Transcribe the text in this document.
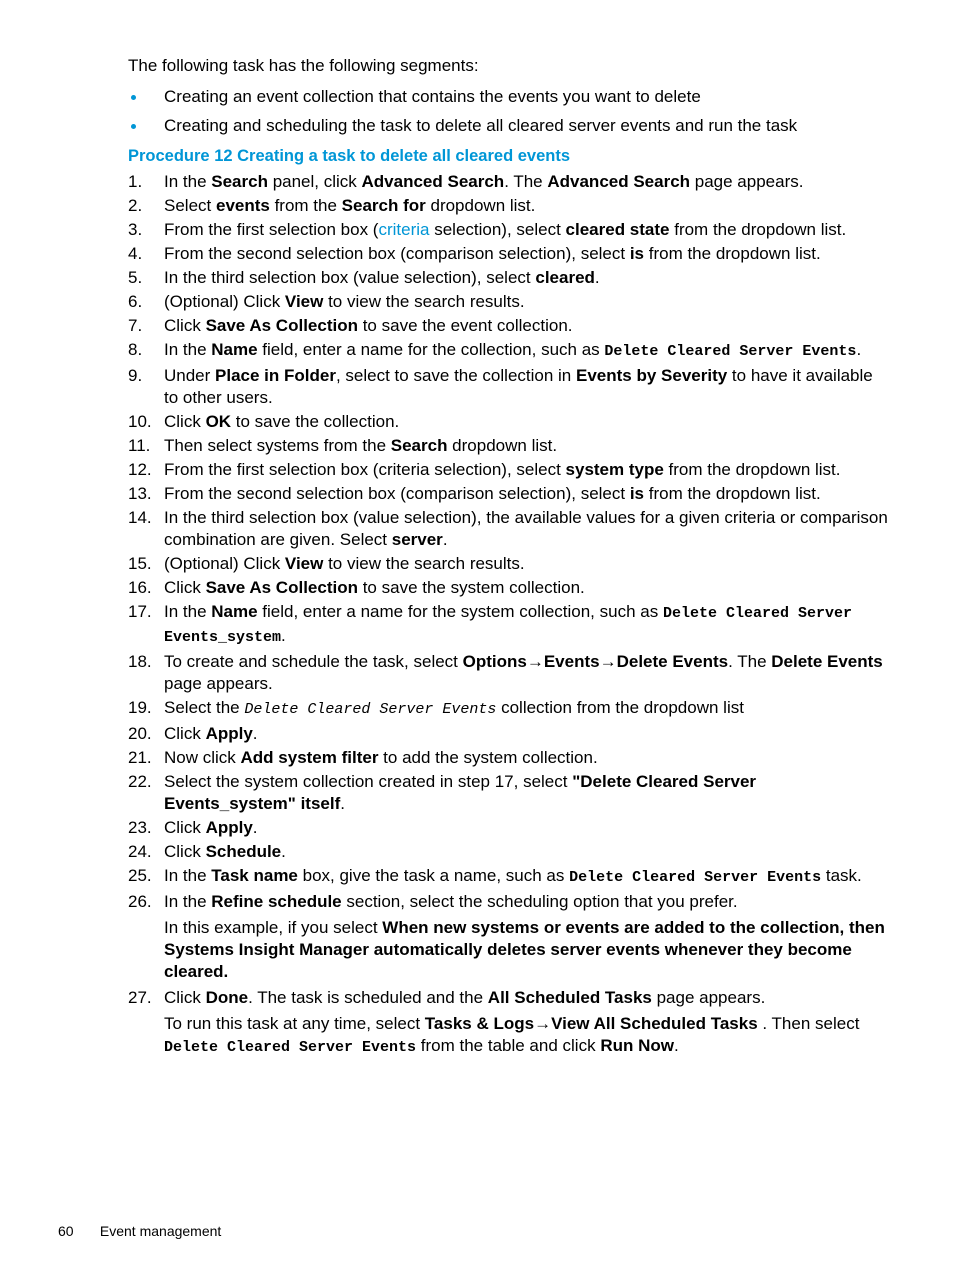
The following task has the following segments:
Creating an event collection that contains the events you want to delete
Creating and scheduling the task to delete all cleared server events and run the task
Procedure 12 Creating a task to delete all cleared events
1. In the Search panel, click Advanced Search. The Advanced Search page appears.
2. Select events from the Search for dropdown list.
3. From the first selection box (criteria selection), select cleared state from the dropdown list.
4. From the second selection box (comparison selection), select is from the dropdown list.
5. In the third selection box (value selection), select cleared.
6. (Optional) Click View to view the search results.
7. Click Save As Collection to save the event collection.
8. In the Name field, enter a name for the collection, such as Delete Cleared Server Events.
9. Under Place in Folder, select to save the collection in Events by Severity to have it available to other users.
10. Click OK to save the collection.
11. Then select systems from the Search dropdown list.
12. From the first selection box (criteria selection), select system type from the dropdown list.
13. From the second selection box (comparison selection), select is from the dropdown list.
14. In the third selection box (value selection), the available values for a given criteria or comparison combination are given. Select server.
15. (Optional) Click View to view the search results.
16. Click Save As Collection to save the system collection.
17. In the Name field, enter a name for the system collection, such as Delete Cleared Server Events_system.
18. To create and schedule the task, select Options→Events→Delete Events. The Delete Events page appears.
19. Select the Delete Cleared Server Events collection from the dropdown list
20. Click Apply.
21. Now click Add system filter to add the system collection.
22. Select the system collection created in step 17, select "Delete Cleared Server Events_system" itself.
23. Click Apply.
24. Click Schedule.
25. In the Task name box, give the task a name, such as Delete Cleared Server Events task.
26. In the Refine schedule section, select the scheduling option that you prefer.
In this example, if you select When new systems or events are added to the collection, then Systems Insight Manager automatically deletes server events whenever they become cleared.
27. Click Done. The task is scheduled and the All Scheduled Tasks page appears.
To run this task at any time, select Tasks & Logs→View All Scheduled Tasks . Then select Delete Cleared Server Events from the table and click Run Now.
60 Event management
